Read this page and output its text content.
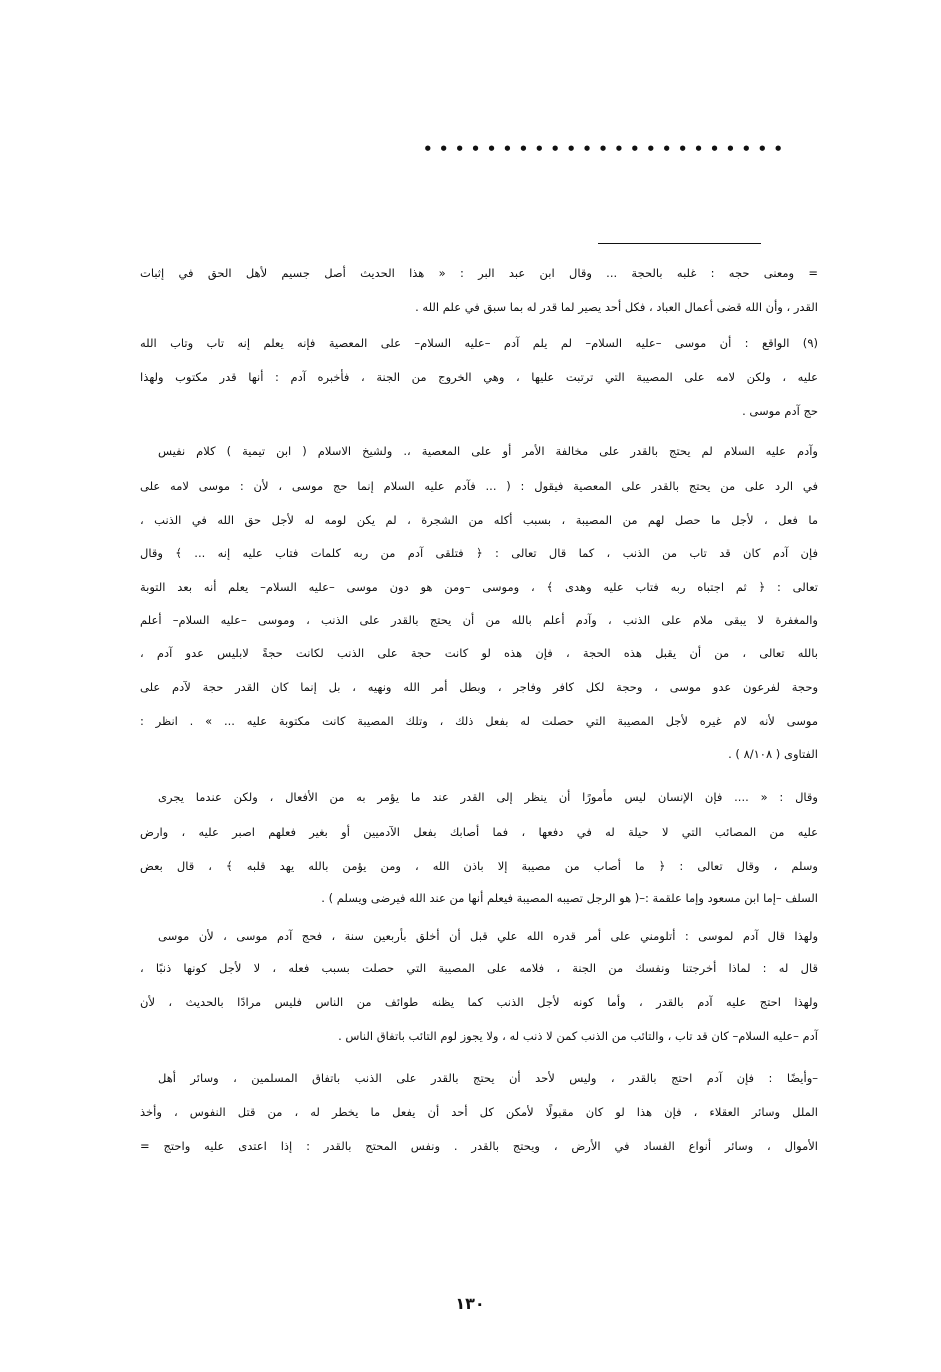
• • • • • • • • • • • • • • • • • • • • • • •
= ومعنى حجه : غلبه بالحجة ... وقال ابن عبد البر : « هذا الحديث أصل جسيم لأهل الحق في إثبات
القدر ، وأن الله قضى أعمال العباد ، فكل أحد يصير لما قدر له بما سبق في علم الله .
(٩) الواقع : أن موسى –عليه السلام– لم يلم آدم –عليه السلام– على المعصية فإنه يعلم إنه تاب وتاب الله
عليه ، ولكن لامه على المصيبة التي ترتبت عليها ، وهي الخروج من الجنة ، فأخبره آدم : أنها قدر مكتوب ولهذا
حج آدم موسى .
وآدم عليه السلام لم يحتج بالقدر على مخالفة الأمر أو على المعصية ،. ولشيخ الاسلام ( ابن تيمية ) كلام نفيس
في الرد على من يحتج بالقدر على المعصية فيقول : ( ... فآدم عليه السلام إنما حج موسى ، لأن : موسى لامه على
ما فعل ، لأجل ما حصل لهم من المصيبة ، بسبب أكله من الشجرة ، لم يكن لومه له لأجل حق الله في الذنب ،
فإن آدم كان قد تاب من الذنب ، كما قال تعالى : ﴿ فتلقى آدم من ربه كلمات فتاب عليه إنه ... ﴾ وقال
تعالى : ﴿ ثم اجتباه ربه فتاب عليه وهدى ﴾ ، وموسى –ومن هو دون موسى –عليه السلام– يعلم أنه بعد التوبة
والمغفرة لا يبقى ملام على الذنب ، وآدم أعلم بالله من أن يحتج بالقدر على الذنب ، وموسى –عليه السلام– أعلم
بالله تعالى ، من أن يقبل هذه الحجة ، فإن هذه لو كانت حجة على الذنب لكانت حجةً لابليس عدو آدم ،
وحجة لفرعون عدو موسى ، وحجة لكل كافر وفاجر ، وبطل أمر الله ونهيه ، بل إنما كان القدر حجة لآدم على
موسى لأنه لام غيره لأجل المصيبة التي حصلت له بفعل ذلك ، وتلك المصيبة كانت مكتوبة عليه ... » . انظر :
الفتاوى ( ٨/١٠٨ ) .
وقال : « .... فإن الإنسان ليس مأمورًا أن ينظر إلى القدر عند ما يؤمر به من الأفعال ، ولكن عندما يجرى
عليه من المصائب التي لا حيلة له في دفعها ، فما أصابك بفعل الآدميين أو بغير فعلهم اصبر عليه ، وارض
وسلم ، وقال تعالى : ﴿ ما أصاب من مصيبة إلا باذن الله ، ومن يؤمن بالله يهد قلبه ﴾ ، قال بعض
السلف –إما ابن مسعود وإما علقمة :–( هو الرجل تصيبه المصيبة فيعلم أنها من عند الله فيرضى ويسلم ) .
ولهذا قال آدم لموسى : أتلومني على أمر قدره الله علي قبل أن أخلق بأربعين سنة ، فحج آدم موسى ، لأن موسى
قال له : لماذا أخرجتنا ونفسك من الجنة ، فلامه على المصيبة التي حصلت بسبب فعله ، لا لأجل كونها ذنبًا ،
ولهذا احتج عليه آدم بالقدر ، وأما كونه لأجل الذنب كما يظنه طوائف من الناس فليس مرادًا بالحديث ، لأن
آدم –عليه السلام– كان قد تاب ، والتائب من الذنب كمن لا ذنب له ، ولا يجوز لوم التائب باتفاق الناس .
–وأيضًا : فإن آدم احتج بالقدر ، وليس لأحد أن يحتج بالقدر على الذنب باتفاق المسلمين ، وسائر أهل
الملل وسائر العقلاء ، فإن هذا لو كان مقبولًا لأمكن كل أحد أن يفعل ما يخطر له ، من قتل النفوس ، وأخذ
الأموال ، وسائر أنواع الفساد في الأرض ، ويحتج بالقدر . ونفس المحتج بالقدر : إذا اعتدى عليه واحتج =
١٣٠
